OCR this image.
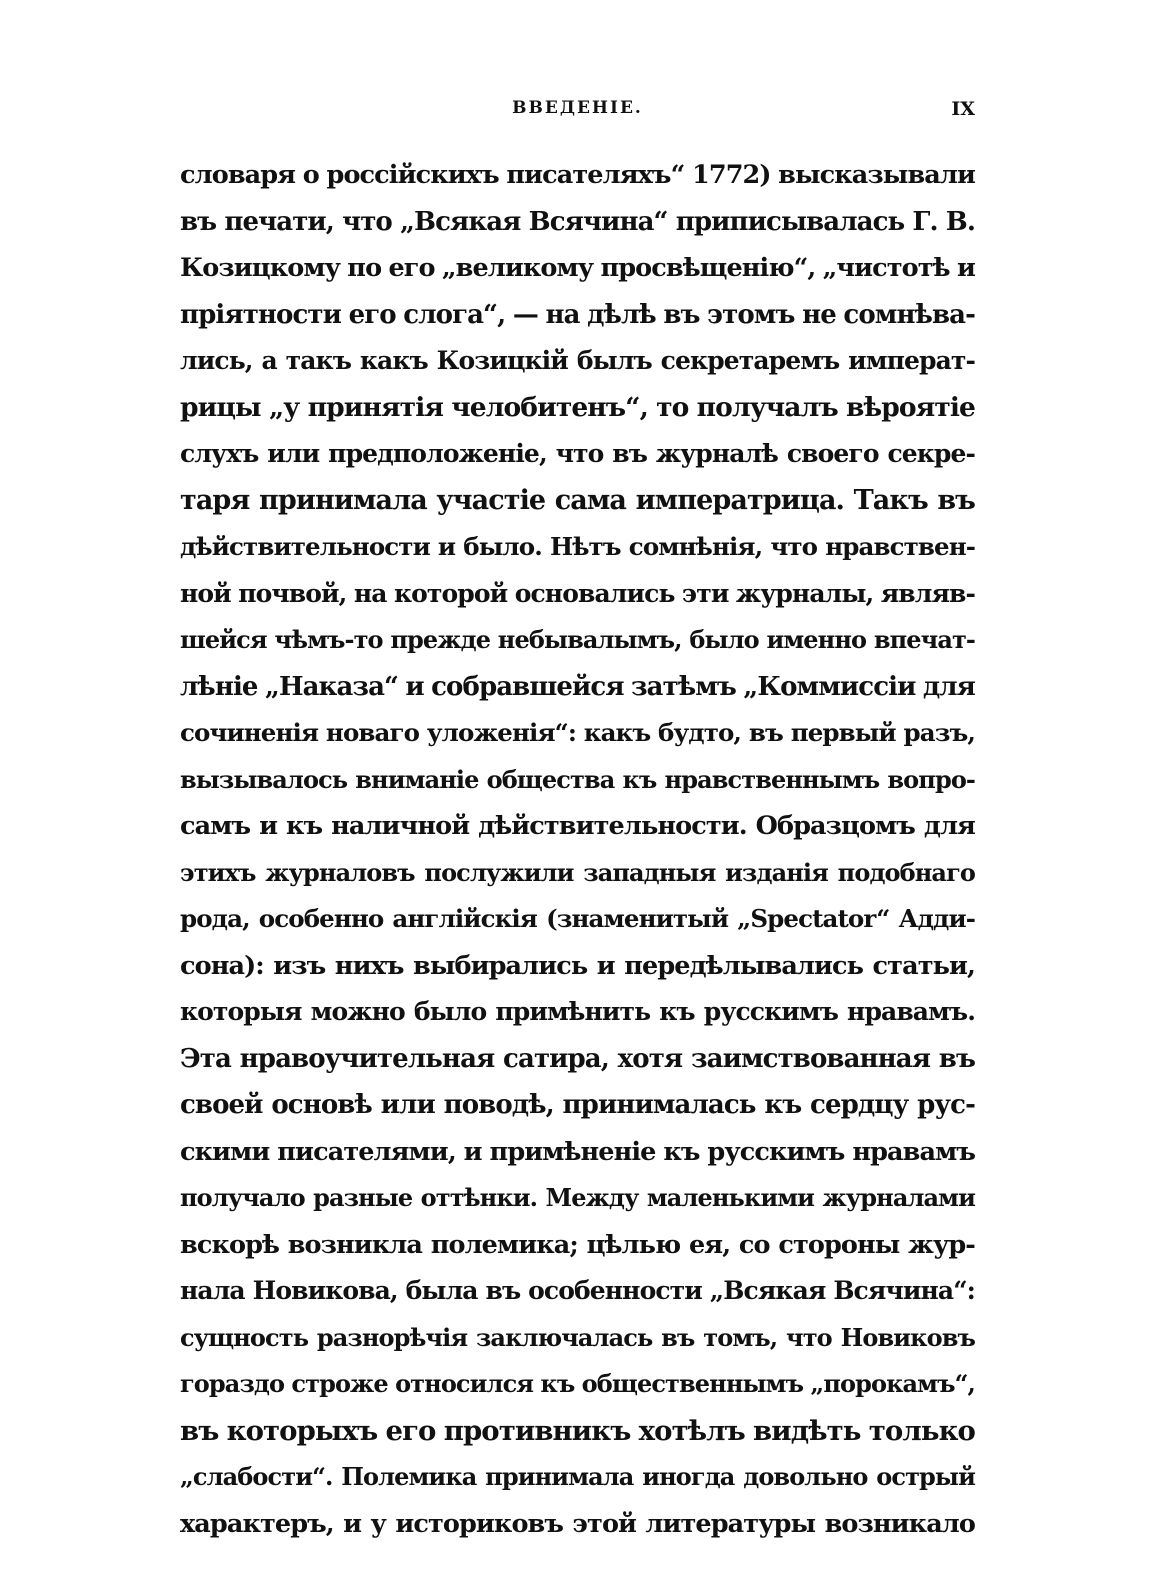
ВВЕДЕНІЕ.	IX
словаря о россійскихъ писателяхъ“ 1772) высказывали
въ печати, что „Всякая Всячина“ приписывалась Г. В.
Козицкому по его „великому просвѣщенію“, „чистотѣ и
пріятности его слога“, — на дѣлѣ въ этомъ не сомнѣва-
лись, а такъ какъ Козицкій былъ секретаремъ императ-
рицы „у принятія челобитенъ“, то получалъ вѣроятіе
слухъ или предположеніе, что въ журналѣ своего секре-
таря принимала участіе сама императрица. Такъ въ
дѣйствительности и было. Нѣтъ сомнѣнія, что нравствен-
ной почвой, на которой основались эти журналы, являв-
шейся чѣмъ-то прежде небывалымъ, было именно впечат-
лѣніе „Наказа“ и собравшейся затѣмъ „Коммиссіи для
сочиненія новаго уложенія“: какъ будто, въ первый разъ,
вызывалось вниманіе общества къ нравственнымъ вопро-
самъ и къ наличной дѣйствительности. Образцомъ для
этихъ журналовъ послужили западныя изданія подобнаго
рода, особенно англійскія (знаменитый „Spectator“ Адди-
сона): изъ нихъ выбирались и передѣлывались статьи,
которыя можно было примѣнить къ русскимъ нравамъ.
Эта нравоучительная сатира, хотя заимствованная въ
своей основѣ или поводѣ, принималась къ сердцу рус-
скими писателями, и примѣненіе къ русскимъ нравамъ
получало разные оттѣнки. Между маленькими журналами
вскорѣ возникла полемика; цѣлью ея, со стороны жур-
нала Новикова, была въ особенности „Всякая Всячина“:
сущность разнорѣчія заключалась въ томъ, что Новиковъ
гораздо строже относился къ общественнымъ „порокамъ“,
въ которыхъ его противникъ хотѣлъ видѣть только
„слабости“. Полемика принимала иногда довольно острый
характеръ, и у историковъ этой литературы возникало
